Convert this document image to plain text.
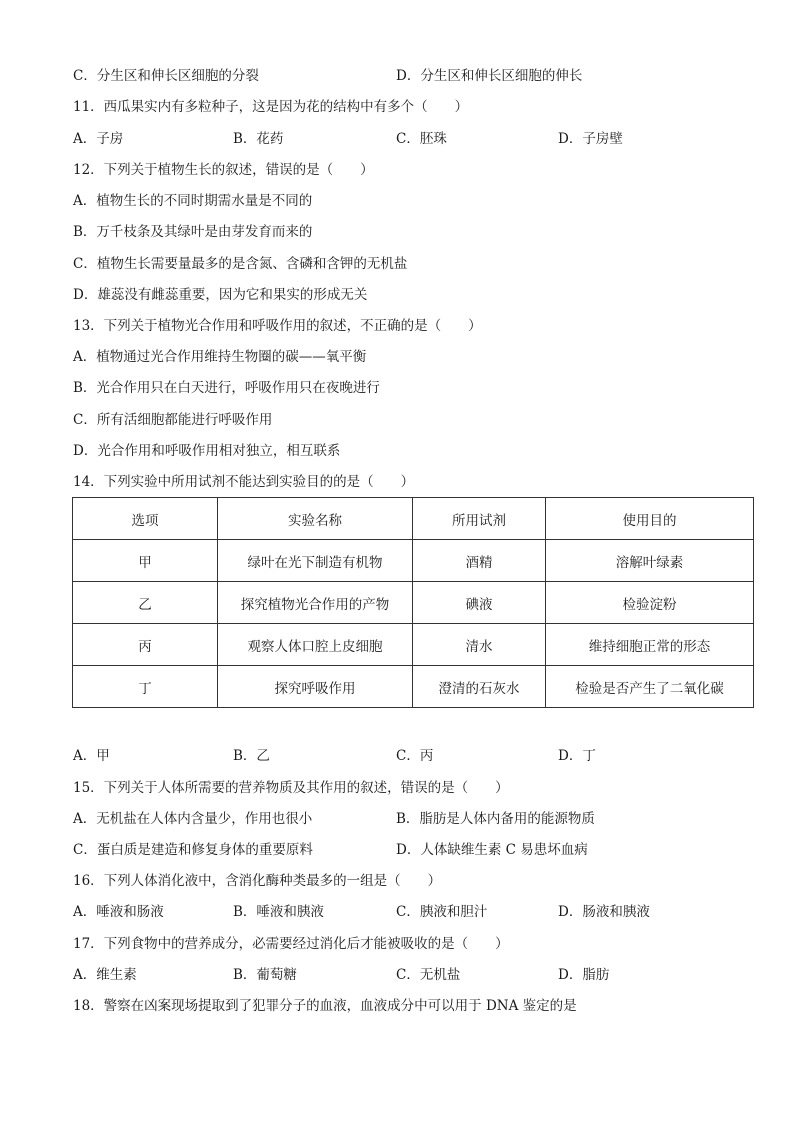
C．分生区和伸长区细胞的分裂	D．分生区和伸长区细胞的伸长
11．西瓜果实内有多粒种子，这是因为花的结构中有多个（　　）
A．子房	B．花药	C．胚珠	D．子房壁
12．下列关于植物生长的叙述，错误的是（　　）
A．植物生长的不同时期需水量是不同的
B．万千枝条及其绿叶是由芽发育而来的
C．植物生长需要量最多的是含氮、含磷和含钾的无机盐
D．雄蕊没有雌蕊重要，因为它和果实的形成无关
13．下列关于植物光合作用和呼吸作用的叙述，不正确的是（　　）
A．植物通过光合作用维持生物圈的碳——氧平衡
B．光合作用只在白天进行，呼吸作用只在夜晚进行
C．所有活细胞都能进行呼吸作用
D．光合作用和呼吸作用相对独立，相互联系
14．下列实验中所用试剂不能达到实验目的的是（　　）
选项	实验名称	所用试剂	使用目的
甲	绿叶在光下制造有机物	酒精	溶解叶绿素
乙	探究植物光合作用的产物	碘液	检验淀粉
丙	观察人体口腔上皮细胞	清水	维持细胞正常的形态
丁	探究呼吸作用	澄清的石灰水	检验是否产生了二氧化碳
A．甲	B．乙	C．丙	D．丁
15．下列关于人体所需要的营养物质及其作用的叙述，错误的是（　　）
A．无机盐在人体内含量少，作用也很小	B．脂肪是人体内备用的能源物质
C．蛋白质是建造和修复身体的重要原料	D．人体缺维生素 C 易患坏血病
16．下列人体消化液中，含消化酶种类最多的一组是（　　）
A．唾液和肠液	B．唾液和胰液	C．胰液和胆汁	D．肠液和胰液
17．下列食物中的营养成分，必需要经过消化后才能被吸收的是（　　）
A．维生素	B．葡萄糖	C．无机盐	D．脂肪
18．警察在凶案现场提取到了犯罪分子的血液，血液成分中可以用于 DNA 鉴定的是
